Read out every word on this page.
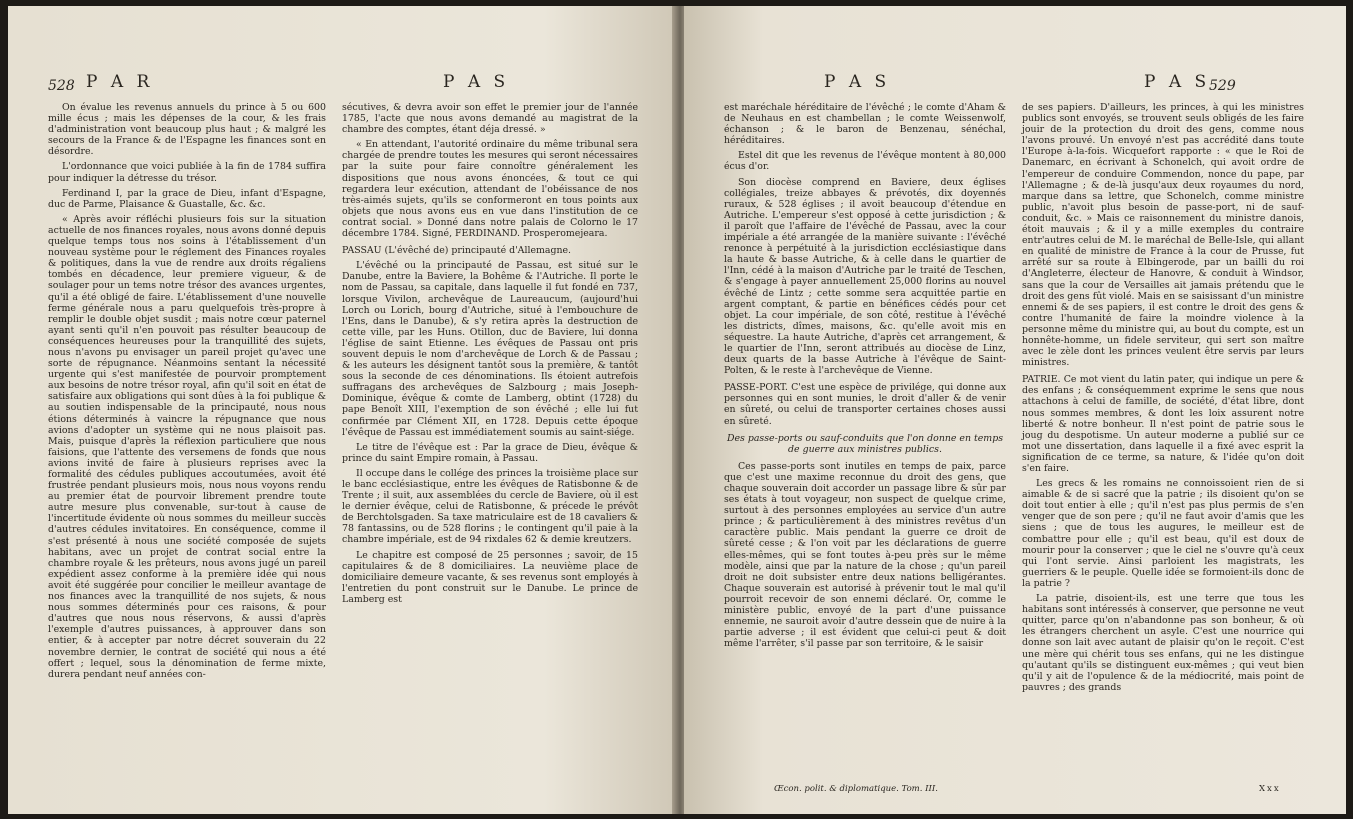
528 P A R	P A S

On évalue les revenus annuels du prince à 5 ou 600 mille écus ; mais les dépenses de la cour, & les frais d'administration vont beaucoup plus haut ; & malgré les secours de la France & de l'Espagne les finances sont en désordre.

L'ordonnance que voici publiée à la fin de 1784 suffira pour indiquer la détresse du trésor.

Ferdinand I, par la grace de Dieu, infant d'Espagne, duc de Parme, Plaisance & Guastalle, &c. &c.

« Après avoir réfléchi plusieurs fois sur la situation actuelle de nos finances royales, nous avons donné depuis quelque temps tous nos soins à l'établissement d'un nouveau système pour le réglement des Finances royales & politiques, dans la vue de rendre aux droits régaliens tombés en décadence, leur premiere vigueur, & de soulager pour un tems notre trésor des avances urgentes, qu'il a été obligé de faire. L'établissement d'une nouvelle ferme générale nous a paru quelquefois très-propre à remplir le double objet susdit ; mais notre cœur paternel ayant senti qu'il n'en pouvoit pas résulter beaucoup de conséquences heureuses pour la tranquillité des sujets, nous n'avons pu envisager un pareil projet qu'avec une sorte de répugnance. Néanmoins sentant la nécessité urgente qui s'est manifestée de pourvoir promptement aux besoins de notre trésor royal, afin qu'il soit en état de satisfaire aux obligations qui sont dûes à la foi publique & au soutien indispensable de la principauté, nous nous étions déterminés à vaincre la répugnance que nous avions d'adopter un système qui ne nous plaisoit pas. Mais, puisque d'après la réflexion particuliere que nous faisions, que l'attente des versemens de fonds que nous avions invité de faire à plusieurs reprises avec la formalité des cédules publiques accoutumées, avoit été frustrée pendant plusieurs mois, nous nous voyons rendu au premier état de pourvoir librement prendre toute autre mesure plus convenable, sur-tout à cause de l'incertitude évidente où nous sommes du meilleur succès d'autres cédules invitatoires. En conséquence, comme il s'est présenté à nous une société composée de sujets habitans, avec un projet de contrat social entre la chambre royale & les prêteurs, nous avons jugé un pareil expédient assez conforme à la première idée qui nous avoit été suggérée pour concilier le meilleur avantage de nos finances avec la tranquillité de nos sujets, & nous nous sommes déterminés pour ces raisons, & pour d'autres que nous nous réservons, & aussi d'après l'exemple d'autres puissances, à approuver dans son entier, & à accepter par notre décret souverain du 22 novembre dernier, le contrat de société qui nous a été offert ; lequel, sous la dénomination de ferme mixte, durera pendant neuf années con-

sécutives, & devra avoir son effet le premier jour de l'année 1785, l'acte que nous avons demandé au magistrat de la chambre des comptes, étant déja dressé. »

« En attendant, l'autorité ordinaire du même tribunal sera chargée de prendre toutes les mesures qui seront nécessaires par la suite pour faire connoître généralement les dispositions que nous avons énoncées, & tout ce qui regardera leur exécution, attendant de l'obéissance de nos très-aimés sujets, qu'ils se conformeront en tous points aux objets que nous avons eus en vue dans l'institution de ce contrat social. » Donné dans notre palais de Colorno le 17 décembre 1784. Signé, FERDINAND. Prosperomejeara.

PASSAU (L'évêché de) principauté d'Allemagne.

L'évêché ou la principauté de Passau, est situé sur le Danube, entre la Baviere, la Bohême & l'Autriche. Il porte le nom de Passau, sa capitale, dans laquelle il fut fondé en 737, lorsque Vivilon, archevêque de Laureaucum, (aujourd'hui Lorch ou Lorich, bourg d'Autriche, situé à l'embouchure de l'Ens, dans le Danube), & s'y retira après la destruction de cette ville, par les Huns. Otillon, duc de Baviere, lui donna l'église de saint Etienne. Les évêques de Passau ont pris souvent depuis le nom d'archevêque de Lorch & de Passau ; & les auteurs les désignent tantôt sous la première, & tantôt sous la seconde de ces dénominations. Ils étoient autrefois suffragans des archevêques de Salzbourg ; mais Joseph-Dominique, évêque & comte de Lamberg, obtint (1728) du pape Benoît XIII, l'exemption de son évêché ; elle lui fut confirmée par Clément XII, en 1728. Depuis cette époque l'évêque de Passau est immédiatement soumis au saint-siége.

Le titre de l'évêque est : Par la grace de Dieu, évêque & prince du saint Empire romain, à Passau.

Il occupe dans le collége des princes la troisième place sur le banc ecclésiastique, entre les évêques de Ratisbonne & de Trente ; il suit, aux assemblées du cercle de Baviere, où il est le dernier évêque, celui de Ratisbonne, & précede le prévôt de Berchtolsgaden. Sa taxe matriculaire est de 18 cavaliers & 78 fantassins, ou de 528 florins ; le contingent qu'il paie à la chambre impériale, est de 94 rixdales 62 & demie kreutzers.

Le chapitre est composé de 25 personnes ; savoir, de 15 capitulaires & de 8 domiciliaires. La neuvième place de domiciliaire demeure vacante, & ses revenus sont employés à l'entretien du pont construit sur le Danube. Le prince de Lamberg est

P A S	P A S
529

est maréchale héréditaire de l'évêché ; le comte d'Aham & de Neuhaus en est chambellan ; le comte Weissenwolf, échanson ; & le baron de Benzenau, sénéchal, héréditaires.

Estel dit que les revenus de l'évêque montent à 80,000 écus d'or.

Son diocèse comprend en Baviere, deux églises collégiales, treize abbayes & prévotés, dix doyennés ruraux, & 528 églises ; il avoit beaucoup d'étendue en Autriche. L'empereur s'est opposé à cette jurisdiction ; & il paroît que l'affaire de l'évêché de Passau, avec la cour impériale a été arrangée de la manière suivante : l'évêché renonce à perpétuité à la jurisdiction ecclésiastique dans la haute & basse Autriche, & à celle dans le quartier de l'Inn, cédé à la maison d'Autriche par le traité de Teschen, & s'engage à payer annuellement 25,000 florins au nouvel évêché de Lintz ; cette somme sera acquittée partie en argent comptant, & partie en bénéfices cédés pour cet objet. La cour impériale, de son côté, restitue à l'évêché les districts, dîmes, maisons, &c. qu'elle avoit mis en séquestre. La haute Autriche, d'après cet arrangement, & le quartier de l'Inn, seront attribués au diocèse de Linz, deux quarts de la basse Autriche à l'évêque de Saint-Polten, & le reste à l'archevêque de Vienne.

PASSE-PORT. C'est une espèce de privilége, qui donne aux personnes qui en sont munies, le droit d'aller & de venir en sûreté, ou celui de transporter certaines choses aussi en sûreté.

Des passe-ports ou sauf-conduits que l'on donne en temps de guerre aux ministres publics.

Ces passe-ports sont inutiles en temps de paix, parce que c'est une maxime reconnue du droit des gens, que chaque souverain doit accorder un passage libre & sûr par ses états à tout voyageur, non suspect de quelque crime, surtout à des personnes employées au service d'un autre prince ; & particulièrement à des ministres revêtus d'un caractère public. Mais pendant la guerre ce droit de sûreté cesse ; & l'on voit par les déclarations de guerre elles-mêmes, qui se font toutes à-peu près sur le même modèle, ainsi que par la nature de la chose ; qu'un pareil droit ne doit subsister entre deux nations belligérantes. Chaque souverain est autorisé à prévenir tout le mal qu'il pourroit recevoir de son ennemi déclaré. Or, comme le ministère public, envoyé de la part d'une puissance ennemie, ne sauroit avoir d'autre dessein que de nuire à la partie adverse ; il est évident que celui-ci peut & doit même l'arrêter, s'il passe par son territoire, & le saisir

de ses papiers. D'ailleurs, les princes, à qui les ministres publics sont envoyés, se trouvent seuls obligés de les faire jouir de la protection du droit des gens, comme nous l'avons prouvé. Un envoyé n'est pas accrédité dans toute l'Europe à-la-fois. Wicquefort rapporte : « que le Roi de Danemarc, en écrivant à Schonelch, qui avoit ordre de l'empereur de conduire Commendon, nonce du pape, par l'Allemagne ; & de-là jusqu'aux deux royaumes du nord, marque dans sa lettre, que Schonelch, comme ministre public, n'avoit plus besoin de passe-port, ni de sauf-conduit, &c. » Mais ce raisonnement du ministre danois, étoit mauvais ; & il y a mille exemples du contraire entr'autres celui de M. le maréchal de Belle-Isle, qui allant en qualité de ministre de France à la cour de Prusse, fut arrêté sur sa route à Elbingerode, par un bailli du roi d'Angleterre, électeur de Hanovre, & conduit à Windsor, sans que la cour de Versailles ait jamais prétendu que le droit des gens fût violé. Mais en se saisissant d'un ministre ennemi & de ses papiers, il est contre le droit des gens & contre l'humanité de faire la moindre violence à la personne même du ministre qui, au bout du compte, est un honnête-homme, un fidele serviteur, qui sert son maître avec le zèle dont les princes veulent être servis par leurs ministres.

PATRIE. Ce mot vient du latin pater, qui indique un pere & des enfans ; & conséquemment exprime le sens que nous attachons à celui de famille, de société, d'état libre, dont nous sommes membres, & dont les loix assurent notre liberté & notre bonheur. Il n'est point de patrie sous le joug du despotisme. Un auteur moderne a publié sur ce mot une dissertation, dans laquelle il a fixé avec esprit la signification de ce terme, sa nature, & l'idée qu'on doit s'en faire.

Les grecs & les romains ne connoissoient rien de si aimable & de si sacré que la patrie ; ils disoient qu'on se doit tout entier à elle ; qu'il n'est pas plus permis de s'en venger que de son pere ; qu'il ne faut avoir d'amis que les siens ; que de tous les augures, le meilleur est de combattre pour elle ; qu'il est beau, qu'il est doux de mourir pour la conserver ; que le ciel ne s'ouvre qu'à ceux qui l'ont servie. Ainsi parloient les magistrats, les guerriers & le peuple. Quelle idée se formoient-ils donc de la patrie ?

La patrie, disoient-ils, est une terre que tous les habitans sont intéressés à conserver, que personne ne veut quitter, parce qu'on n'abandonne pas son bonheur, & où les étrangers cherchent un asyle. C'est une nourrice qui donne son lait avec autant de plaisir qu'on le reçoit. C'est une mère qui chérit tous ses enfans, qui ne les distingue qu'autant qu'ils se distinguent eux-mêmes ; qui veut bien qu'il y ait de l'opulence & de la médiocrité, mais point de pauvres ; des grands

Œcon. polit. & diplomatique. Tom. III.	Xxx
